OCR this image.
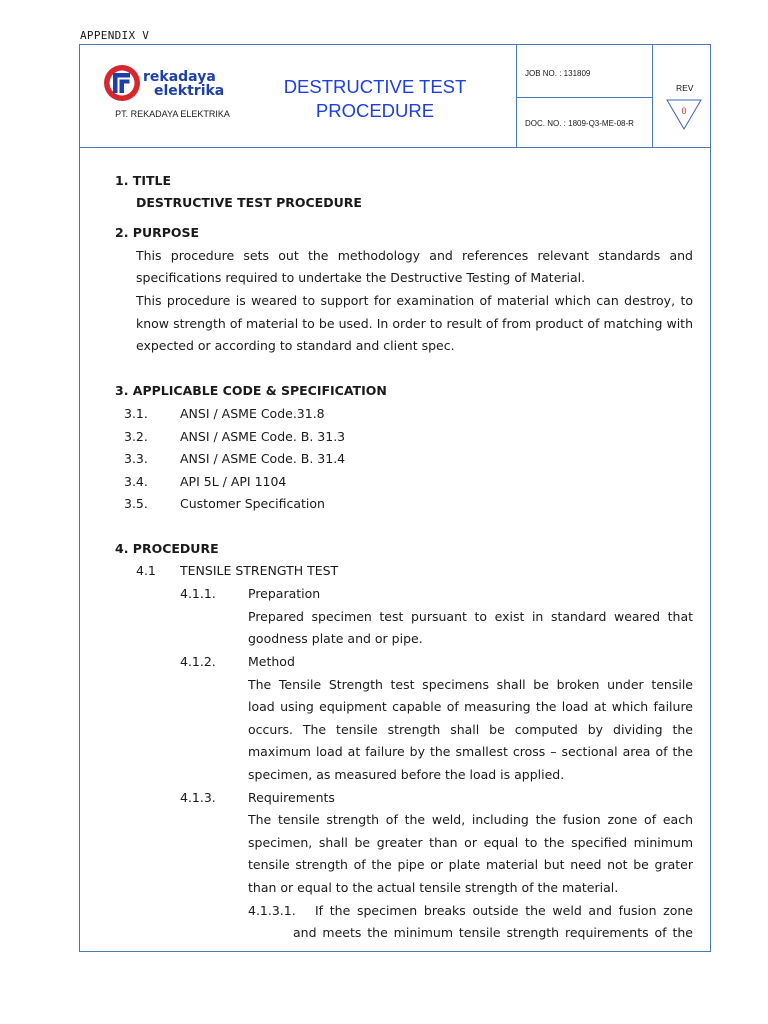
APPENDIX V
rekadaya
elektrika
PT. REKADAYA ELEKTRIKA
DESTRUCTIVE TEST
PROCEDURE
JOB NO. : 131809
DOC. NO. : 1809-Q3-ME-08-R
REV
0
1. TITLE
DESTRUCTIVE TEST PROCEDURE
2. PURPOSE
This procedure sets out the methodology and references relevant standards and
specifications required to undertake the Destructive Testing of Material.
This procedure is weared to support for examination of material which can destroy, to
know strength of material to be used. In order to result of from product of matching with
expected or according to standard and client spec.
3. APPLICABLE CODE & SPECIFICATION
3.1.	ANSI / ASME Code.31.8
3.2.	ANSI / ASME Code. B. 31.3
3.3.	ANSI / ASME Code. B. 31.4
3.4.	API 5L / API 1104
3.5.	Customer Specification
4. PROCEDURE
4.1 TENSILE STRENGTH TEST
4.1.1.	Preparation
Prepared specimen test pursuant to exist in standard weared that
goodness plate and or pipe.
4.1.2.	Method
The Tensile Strength test specimens shall be broken under tensile
load using equipment capable of measuring the load at which failure
occurs. The tensile strength shall be computed by dividing the
maximum load at failure by the smallest cross – sectional area of the
specimen, as measured before the load is applied.
4.1.3.	Requirements
The tensile strength of the weld, including the fusion zone of each
specimen, shall be greater than or equal to the specified minimum
tensile strength of the pipe or plate material but need not be grater
than or equal to the actual tensile strength of the material.
4.1.3.1. If the specimen breaks outside the weld and fusion zone
and meets the minimum tensile strength requirements of the
